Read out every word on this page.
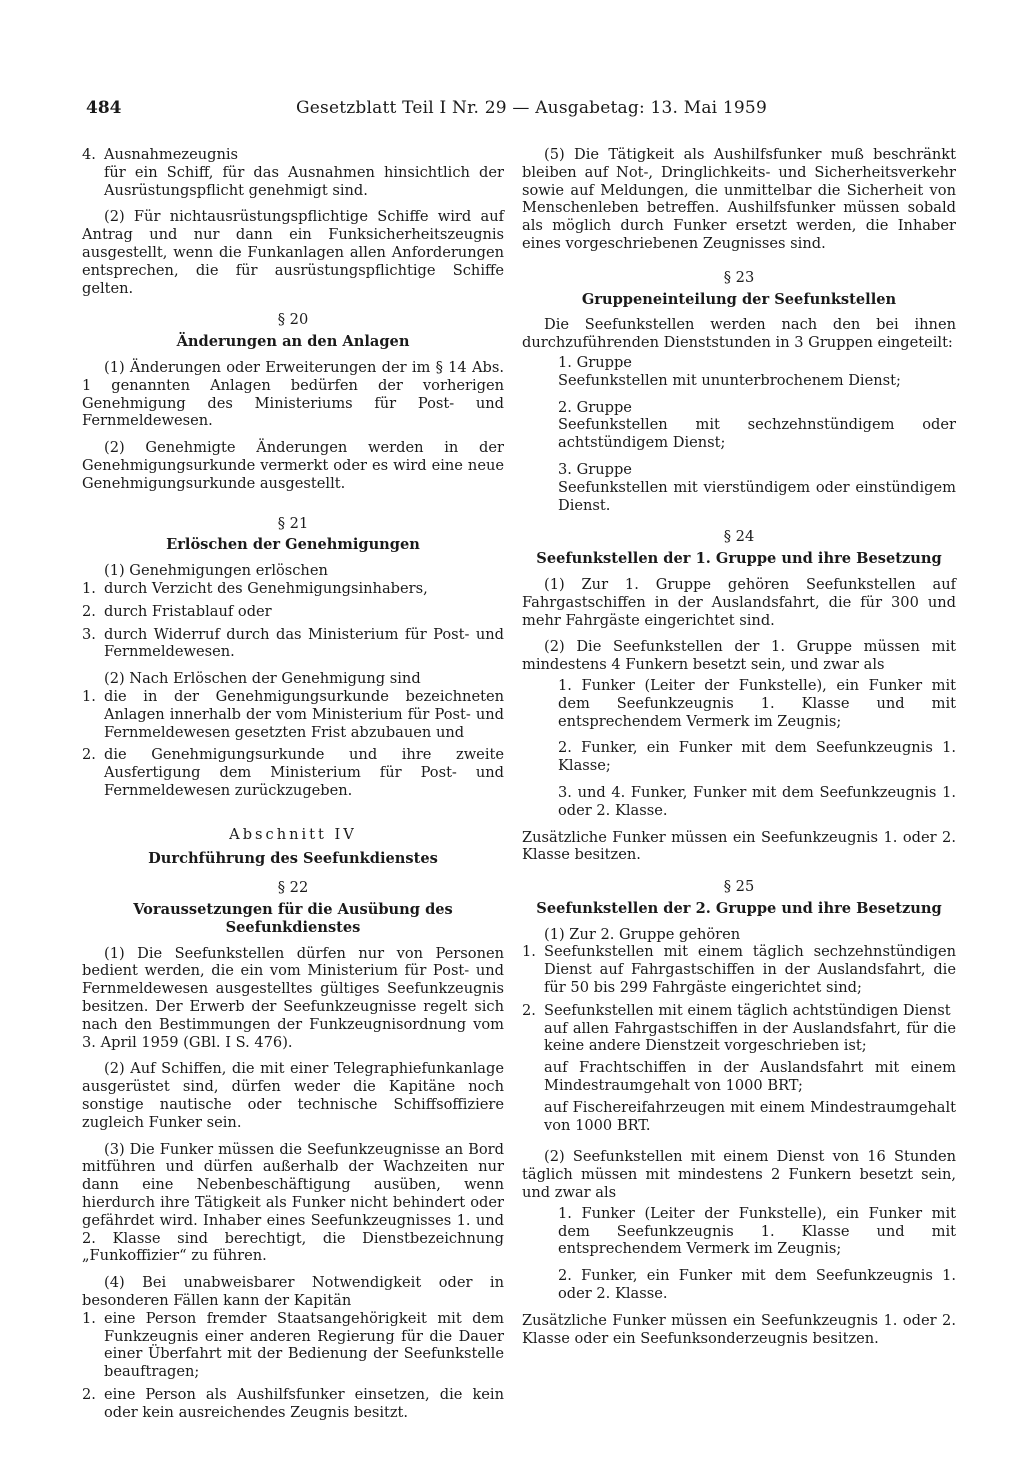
484	Gesetzblatt Teil I Nr. 29 — Ausgabetag: 13. Mai 1959
4. Ausnahmezeugnis

für ein Schiff, für das Ausnahmen hinsichtlich der Ausrüstungspflicht genehmigt sind.

(2) Für nichtausrüstungspflichtige Schiffe wird auf Antrag und nur dann ein Funksicherheitszeugnis ausgestellt, wenn die Funkanlagen allen Anforderungen entsprechen, die für ausrüstungspflichtige Schiffe gelten.

§ 20
Änderungen an den Anlagen

(1) Änderungen oder Erweiterungen der im § 14 Abs. 1 genannten Anlagen bedürfen der vorherigen Genehmigung des Ministeriums für Post- und Fernmeldewesen.

(2) Genehmigte Änderungen werden in der Genehmigungsurkunde vermerkt oder es wird eine neue Genehmigungsurkunde ausgestellt.

§ 21
Erlöschen der Genehmigungen

(1) Genehmigungen erlöschen

1. durch Verzicht des Genehmigungsinhabers,
2. durch Fristablauf oder
3. durch Widerruf durch das Ministerium für Post- und Fernmeldewesen.

(2) Nach Erlöschen der Genehmigung sind

1. die in der Genehmigungsurkunde bezeichneten Anlagen innerhalb der vom Ministerium für Post- und Fernmeldewesen gesetzten Frist abzubauen und
2. die Genehmigungsurkunde und ihre zweite Ausfertigung dem Ministerium für Post- und Fernmeldewesen zurückzugeben.
Abschnitt IV
Durchführung des Seefunkdienstes
§ 22
Voraussetzungen für die Ausübung des Seefunkdienstes

(1) Die Seefunkstellen dürfen nur von Personen bedient werden, die ein vom Ministerium für Post- und Fernmeldewesen ausgestelltes gültiges Seefunkzeugnis besitzen. Der Erwerb der Seefunkzeugnisse regelt sich nach den Bestimmungen der Funkzeugnisordnung vom 3. April 1959 (GBl. I S. 476).

(2) Auf Schiffen, die mit einer Telegraphiefunkanlage ausgerüstet sind, dürfen weder die Kapitäne noch sonstige nautische oder technische Schiffsoffiziere zugleich Funker sein.

(3) Die Funker müssen die Seefunkzeugnisse an Bord mitführen und dürfen außerhalb der Wachzeiten nur dann eine Nebenbeschäftigung ausüben, wenn hierdurch ihre Tätigkeit als Funker nicht behindert oder gefährdet wird. Inhaber eines Seefunkzeugnisses 1. und 2. Klasse sind berechtigt, die Dienstbezeichnung „Funkoffizier“ zu führen.

(4) Bei unabweisbarer Notwendigkeit oder in besonderen Fällen kann der Kapitän

1. eine Person fremder Staatsangehörigkeit mit dem Funkzeugnis einer anderen Regierung für die Dauer einer Überfahrt mit der Bedienung der Seefunkstelle beauftragen;
2. eine Person als Aushilfsfunker einsetzen, die kein oder kein ausreichendes Zeugnis besitzt.

(5) Die Tätigkeit als Aushilfsfunker muß beschränkt bleiben auf Not-, Dringlichkeits- und Sicherheitsverkehr sowie auf Meldungen, die unmittelbar die Sicherheit von Menschenleben betreffen. Aushilfsfunker müssen sobald als möglich durch Funker ersetzt werden, die Inhaber eines vorgeschriebenen Zeugnisses sind.

§ 23
Gruppeneinteilung der Seefunkstellen

Die Seefunkstellen werden nach den bei ihnen durchzuführenden Dienststunden in 3 Gruppen eingeteilt:

1. Gruppe

Seefunkstellen mit ununterbrochenem Dienst;

2. Gruppe

Seefunkstellen mit sechzehnstündigem oder achtstündigem Dienst;

3. Gruppe

Seefunkstellen mit vierstündigem oder einstündigem Dienst.

§ 24
Seefunkstellen der 1. Gruppe und ihre Besetzung

(1) Zur 1. Gruppe gehören Seefunkstellen auf Fahrgastschiffen in der Auslandsfahrt, die für 300 und mehr Fahrgäste eingerichtet sind.

(2) Die Seefunkstellen der 1. Gruppe müssen mit mindestens 4 Funkern besetzt sein, und zwar als

1. Funker (Leiter der Funkstelle), ein Funker mit dem Seefunkzeugnis 1. Klasse und mit entsprechendem Vermerk im Zeugnis;

2. Funker, ein Funker mit dem Seefunkzeugnis 1. Klasse;

3. und 4. Funker, Funker mit dem Seefunkzeugnis 1. oder 2. Klasse.

Zusätzliche Funker müssen ein Seefunkzeugnis 1. oder 2. Klasse besitzen.

§ 25
Seefunkstellen der 2. Gruppe und ihre Besetzung

(1) Zur 2. Gruppe gehören

1. Seefunkstellen mit einem täglich sechzehnstündigen Dienst auf Fahrgastschiffen in der Auslandsfahrt, die für 50 bis 299 Fahrgäste eingerichtet sind;
2. Seefunkstellen mit einem täglich achtstündigen Dienst

auf allen Fahrgastschiffen in der Auslandsfahrt, für die keine andere Dienstzeit vorgeschrieben ist;

auf Frachtschiffen in der Auslandsfahrt mit einem Mindestraumgehalt von 1000 BRT;

auf Fischereifahrzeugen mit einem Mindestraumgehalt von 1000 BRT.

(2) Seefunkstellen mit einem Dienst von 16 Stunden täglich müssen mit mindestens 2 Funkern besetzt sein, und zwar als

1. Funker (Leiter der Funkstelle), ein Funker mit dem Seefunkzeugnis 1. Klasse und mit entsprechendem Vermerk im Zeugnis;

2. Funker, ein Funker mit dem Seefunkzeugnis 1. oder 2. Klasse.

Zusätzliche Funker müssen ein Seefunkzeugnis 1. oder 2. Klasse oder ein Seefunksonderzeugnis besitzen.
